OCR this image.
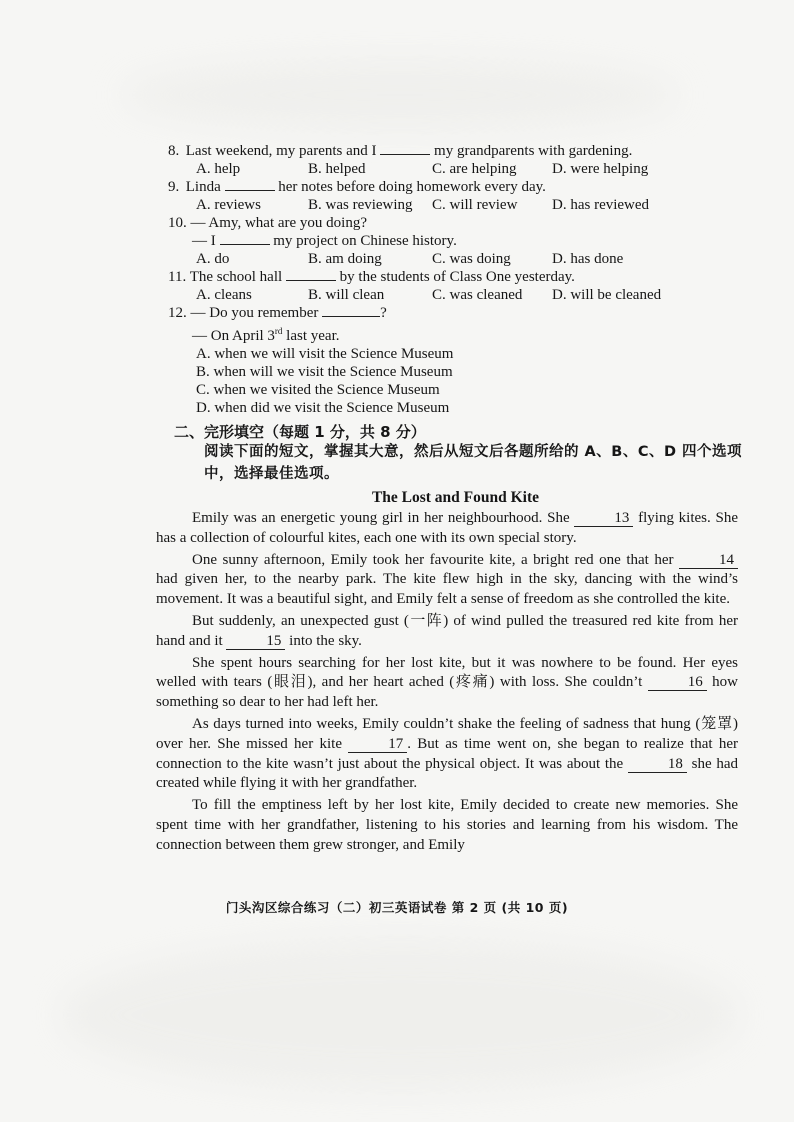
8. Last weekend, my parents and I	my grandparents with gardening.
A. help	B. helped	C. are helping	D. were helping
9. Linda	her notes before doing homework every day.
A. reviews	B. was reviewing	C. will review	D. has reviewed
10. — Amy, what are you doing?
— I	my project on Chinese history.
A. do	B. am doing	C. was doing	D. has done
11. The school hall	by the students of Class One yesterday.
A. cleans	B. will clean	C. was cleaned	D. will be cleaned
12. — Do you remember	?
— On April 3rd last year.
A. when we will visit the Science Museum
B. when will we visit the Science Museum
C. when we visited the Science Museum
D. when did we visit the Science Museum
二、完形填空（每题 1 分，共 8 分）
阅读下面的短文，掌握其大意，然后从短文后各题所给的 A、B、C、D 四个选项中，选择最佳选项。
The Lost and Found Kite

Emily was an energetic young girl in her neighbourhood. She	13 flying kites. She has a collection of colourful kites, each one with its own special story.

One sunny afternoon, Emily took her favourite kite, a bright red one that her	14 had given her, to the nearby park. The kite flew high in the sky, dancing with the wind’s movement. It was a beautiful sight, and Emily felt a sense of freedom as she controlled the kite.

But suddenly, an unexpected gust (一阵) of wind pulled the treasured red kite from her hand and it	15 into the sky.

She spent hours searching for her lost kite, but it was nowhere to be found. Her eyes welled with tears (眼泪), and her heart ached (疼痛) with loss. She couldn’t	16 how something so dear to her had left her.

As days turned into weeks, Emily couldn’t shake the feeling of sadness that hung (笼罩) over her. She missed her kite	17 . But as time went on, she began to realize that her connection to the kite wasn’t just about the physical object. It was about the	18 she had created while flying it with her grandfather.

To fill the emptiness left by her lost kite, Emily decided to create new memories. She spent time with her grandfather, listening to his stories and learning from his wisdom. The connection between them grew stronger, and Emily

门头沟区综合练习（二）初三英语试卷 第 2 页 (共 10 页)
